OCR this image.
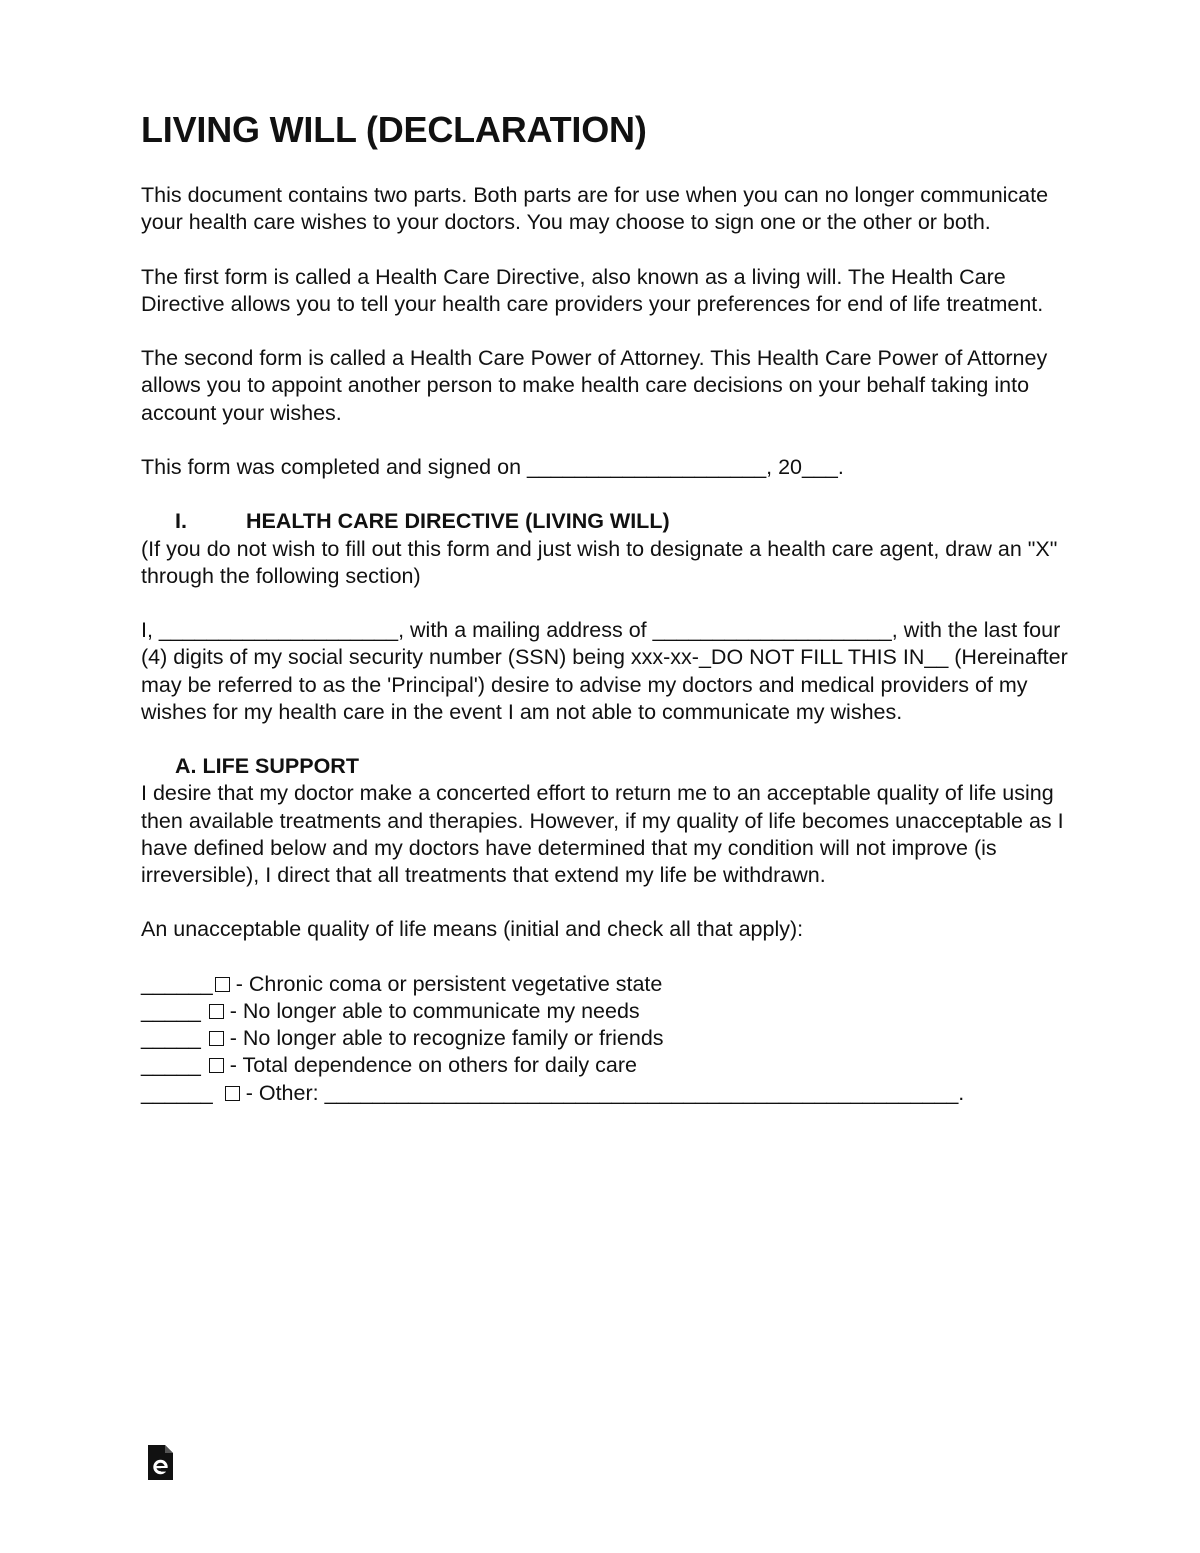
LIVING WILL (DECLARATION)

This document contains two parts. Both parts are for use when you can no longer communicate your health care wishes to your doctors. You may choose to sign one or the other or both.

The first form is called a Health Care Directive, also known as a living will. The Health Care Directive allows you to tell your health care providers your preferences for end of life treatment.

The second form is called a Health Care Power of Attorney. This Health Care Power of Attorney allows you to appoint another person to make health care decisions on your behalf taking into account your wishes.

This form was completed and signed on ____________________, 20___.

I.	HEALTH CARE DIRECTIVE (LIVING WILL)

(If you do not wish to fill out this form and just wish to designate a health care agent, draw an "X" through the following section)

I, ____________________, with a mailing address of ____________________, with the last four (4) digits of my social security number (SSN) being xxx-xx-_DO NOT FILL THIS IN__ (Hereinafter may be referred to as the 'Principal') desire to advise my doctors and medical providers of my wishes for my health care in the event I am not able to communicate my wishes.

A. LIFE SUPPORT

I desire that my doctor make a concerted effort to return me to an acceptable quality of life using then available treatments and therapies. However, if my quality of life becomes unacceptable as I have defined below and my doctors have determined that my condition will not improve (is irreversible), I direct that all treatments that extend my life be withdrawn.

An unacceptable quality of life means (initial and check all that apply):

______ - Chronic coma or persistent vegetative state
_____ - No longer able to communicate my needs
_____ - No longer able to recognize family or friends
_____ - Total dependence on others for daily care
______ - Other: _____________________________________________________.
